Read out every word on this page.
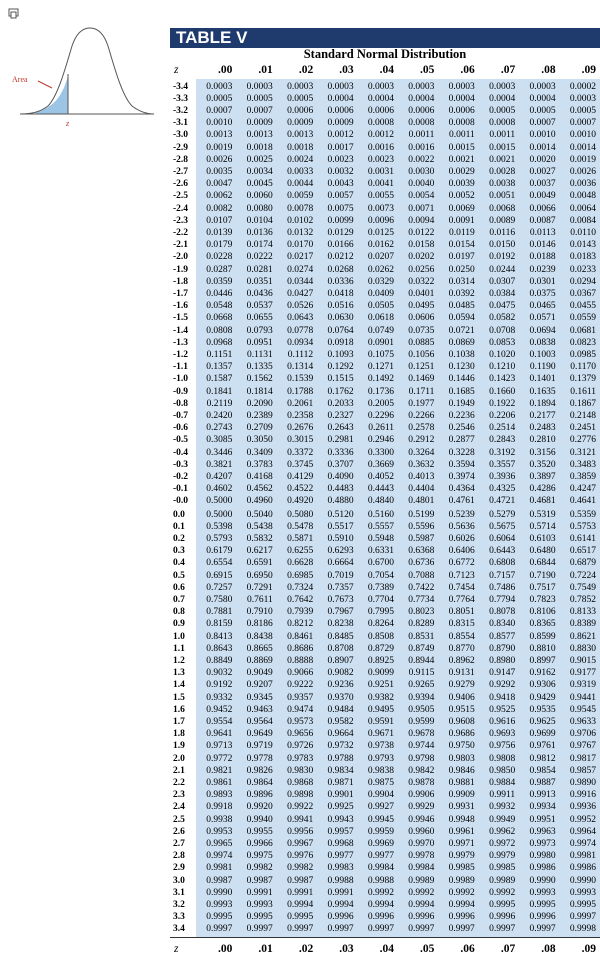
Area
z
TABLE V
Standard Normal Distribution
z	.00	.01	.02	.03	.04	.05	.06	.07	.08	.09
-3.4	0.0003	0.0003	0.0003	0.0003	0.0003	0.0003	0.0003	0.0003	0.0003	0.0002
-3.3	0.0005	0.0005	0.0005	0.0004	0.0004	0.0004	0.0004	0.0004	0.0004	0.0003
-3.2	0.0007	0.0007	0.0006	0.0006	0.0006	0.0006	0.0006	0.0005	0.0005	0.0005
-3.1	0.0010	0.0009	0.0009	0.0009	0.0008	0.0008	0.0008	0.0008	0.0007	0.0007
-3.0	0.0013	0.0013	0.0013	0.0012	0.0012	0.0011	0.0011	0.0011	0.0010	0.0010
-2.9	0.0019	0.0018	0.0018	0.0017	0.0016	0.0016	0.0015	0.0015	0.0014	0.0014
-2.8	0.0026	0.0025	0.0024	0.0023	0.0023	0.0022	0.0021	0.0021	0.0020	0.0019
-2.7	0.0035	0.0034	0.0033	0.0032	0.0031	0.0030	0.0029	0.0028	0.0027	0.0026
-2.6	0.0047	0.0045	0.0044	0.0043	0.0041	0.0040	0.0039	0.0038	0.0037	0.0036
-2.5	0.0062	0.0060	0.0059	0.0057	0.0055	0.0054	0.0052	0.0051	0.0049	0.0048
-2.4	0.0082	0.0080	0.0078	0.0075	0.0073	0.0071	0.0069	0.0068	0.0066	0.0064
-2.3	0.0107	0.0104	0.0102	0.0099	0.0096	0.0094	0.0091	0.0089	0.0087	0.0084
-2.2	0.0139	0.0136	0.0132	0.0129	0.0125	0.0122	0.0119	0.0116	0.0113	0.0110
-2.1	0.0179	0.0174	0.0170	0.0166	0.0162	0.0158	0.0154	0.0150	0.0146	0.0143
-2.0	0.0228	0.0222	0.0217	0.0212	0.0207	0.0202	0.0197	0.0192	0.0188	0.0183
-1.9	0.0287	0.0281	0.0274	0.0268	0.0262	0.0256	0.0250	0.0244	0.0239	0.0233
-1.8	0.0359	0.0351	0.0344	0.0336	0.0329	0.0322	0.0314	0.0307	0.0301	0.0294
-1.7	0.0446	0.0436	0.0427	0.0418	0.0409	0.0401	0.0392	0.0384	0.0375	0.0367
-1.6	0.0548	0.0537	0.0526	0.0516	0.0505	0.0495	0.0485	0.0475	0.0465	0.0455
-1.5	0.0668	0.0655	0.0643	0.0630	0.0618	0.0606	0.0594	0.0582	0.0571	0.0559
-1.4	0.0808	0.0793	0.0778	0.0764	0.0749	0.0735	0.0721	0.0708	0.0694	0.0681
-1.3	0.0968	0.0951	0.0934	0.0918	0.0901	0.0885	0.0869	0.0853	0.0838	0.0823
-1.2	0.1151	0.1131	0.1112	0.1093	0.1075	0.1056	0.1038	0.1020	0.1003	0.0985
-1.1	0.1357	0.1335	0.1314	0.1292	0.1271	0.1251	0.1230	0.1210	0.1190	0.1170
-1.0	0.1587	0.1562	0.1539	0.1515	0.1492	0.1469	0.1446	0.1423	0.1401	0.1379
-0.9	0.1841	0.1814	0.1788	0.1762	0.1736	0.1711	0.1685	0.1660	0.1635	0.1611
-0.8	0.2119	0.2090	0.2061	0.2033	0.2005	0.1977	0.1949	0.1922	0.1894	0.1867
-0.7	0.2420	0.2389	0.2358	0.2327	0.2296	0.2266	0.2236	0.2206	0.2177	0.2148
-0.6	0.2743	0.2709	0.2676	0.2643	0.2611	0.2578	0.2546	0.2514	0.2483	0.2451
-0.5	0.3085	0.3050	0.3015	0.2981	0.2946	0.2912	0.2877	0.2843	0.2810	0.2776
-0.4	0.3446	0.3409	0.3372	0.3336	0.3300	0.3264	0.3228	0.3192	0.3156	0.3121
-0.3	0.3821	0.3783	0.3745	0.3707	0.3669	0.3632	0.3594	0.3557	0.3520	0.3483
-0.2	0.4207	0.4168	0.4129	0.4090	0.4052	0.4013	0.3974	0.3936	0.3897	0.3859
-0.1	0.4602	0.4562	0.4522	0.4483	0.4443	0.4404	0.4364	0.4325	0.4286	0.4247
-0.0	0.5000	0.4960	0.4920	0.4880	0.4840	0.4801	0.4761	0.4721	0.4681	0.4641
0.0	0.5000	0.5040	0.5080	0.5120	0.5160	0.5199	0.5239	0.5279	0.5319	0.5359
0.1	0.5398	0.5438	0.5478	0.5517	0.5557	0.5596	0.5636	0.5675	0.5714	0.5753
0.2	0.5793	0.5832	0.5871	0.5910	0.5948	0.5987	0.6026	0.6064	0.6103	0.6141
0.3	0.6179	0.6217	0.6255	0.6293	0.6331	0.6368	0.6406	0.6443	0.6480	0.6517
0.4	0.6554	0.6591	0.6628	0.6664	0.6700	0.6736	0.6772	0.6808	0.6844	0.6879
0.5	0.6915	0.6950	0.6985	0.7019	0.7054	0.7088	0.7123	0.7157	0.7190	0.7224
0.6	0.7257	0.7291	0.7324	0.7357	0.7389	0.7422	0.7454	0.7486	0.7517	0.7549
0.7	0.7580	0.7611	0.7642	0.7673	0.7704	0.7734	0.7764	0.7794	0.7823	0.7852
0.8	0.7881	0.7910	0.7939	0.7967	0.7995	0.8023	0.8051	0.8078	0.8106	0.8133
0.9	0.8159	0.8186	0.8212	0.8238	0.8264	0.8289	0.8315	0.8340	0.8365	0.8389
1.0	0.8413	0.8438	0.8461	0.8485	0.8508	0.8531	0.8554	0.8577	0.8599	0.8621
1.1	0.8643	0.8665	0.8686	0.8708	0.8729	0.8749	0.8770	0.8790	0.8810	0.8830
1.2	0.8849	0.8869	0.8888	0.8907	0.8925	0.8944	0.8962	0.8980	0.8997	0.9015
1.3	0.9032	0.9049	0.9066	0.9082	0.9099	0.9115	0.9131	0.9147	0.9162	0.9177
1.4	0.9192	0.9207	0.9222	0.9236	0.9251	0.9265	0.9279	0.9292	0.9306	0.9319
1.5	0.9332	0.9345	0.9357	0.9370	0.9382	0.9394	0.9406	0.9418	0.9429	0.9441
1.6	0.9452	0.9463	0.9474	0.9484	0.9495	0.9505	0.9515	0.9525	0.9535	0.9545
1.7	0.9554	0.9564	0.9573	0.9582	0.9591	0.9599	0.9608	0.9616	0.9625	0.9633
1.8	0.9641	0.9649	0.9656	0.9664	0.9671	0.9678	0.9686	0.9693	0.9699	0.9706
1.9	0.9713	0.9719	0.9726	0.9732	0.9738	0.9744	0.9750	0.9756	0.9761	0.9767
2.0	0.9772	0.9778	0.9783	0.9788	0.9793	0.9798	0.9803	0.9808	0.9812	0.9817
2.1	0.9821	0.9826	0.9830	0.9834	0.9838	0.9842	0.9846	0.9850	0.9854	0.9857
2.2	0.9861	0.9864	0.9868	0.9871	0.9875	0.9878	0.9881	0.9884	0.9887	0.9890
2.3	0.9893	0.9896	0.9898	0.9901	0.9904	0.9906	0.9909	0.9911	0.9913	0.9916
2.4	0.9918	0.9920	0.9922	0.9925	0.9927	0.9929	0.9931	0.9932	0.9934	0.9936
2.5	0.9938	0.9940	0.9941	0.9943	0.9945	0.9946	0.9948	0.9949	0.9951	0.9952
2.6	0.9953	0.9955	0.9956	0.9957	0.9959	0.9960	0.9961	0.9962	0.9963	0.9964
2.7	0.9965	0.9966	0.9967	0.9968	0.9969	0.9970	0.9971	0.9972	0.9973	0.9974
2.8	0.9974	0.9975	0.9976	0.9977	0.9977	0.9978	0.9979	0.9979	0.9980	0.9981
2.9	0.9981	0.9982	0.9982	0.9983	0.9984	0.9984	0.9985	0.9985	0.9986	0.9986
3.0	0.9987	0.9987	0.9987	0.9988	0.9988	0.9989	0.9989	0.9989	0.9990	0.9990
3.1	0.9990	0.9991	0.9991	0.9991	0.9992	0.9992	0.9992	0.9992	0.9993	0.9993
3.2	0.9993	0.9993	0.9994	0.9994	0.9994	0.9994	0.9994	0.9995	0.9995	0.9995
3.3	0.9995	0.9995	0.9995	0.9996	0.9996	0.9996	0.9996	0.9996	0.9996	0.9997
3.4	0.9997	0.9997	0.9997	0.9997	0.9997	0.9997	0.9997	0.9997	0.9997	0.9998
z	.00	.01	.02	.03	.04	.05	.06	.07	.08	.09
